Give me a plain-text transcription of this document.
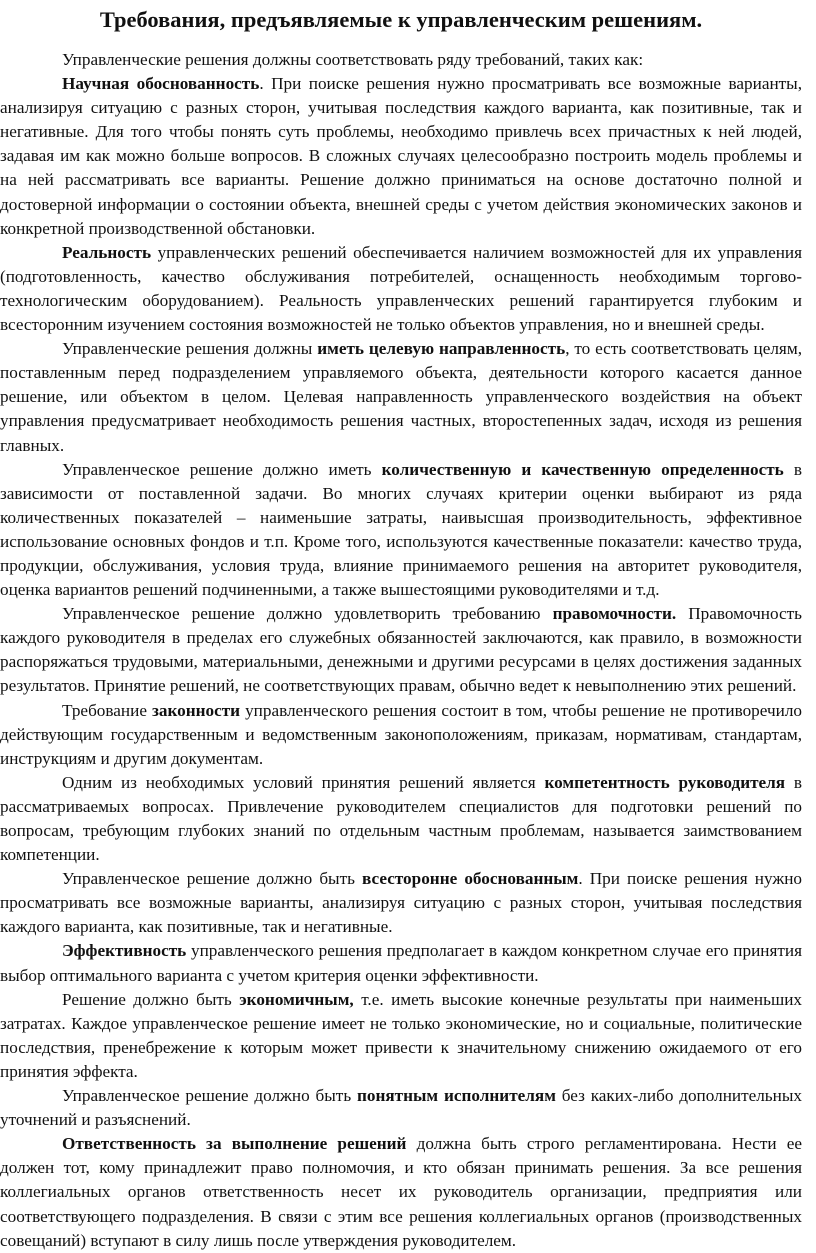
Требования, предъявляемые к управленческим решениям.

Управленческие решения должны соответствовать ряду требований, таких как:

Научная обоснованность. При поиске решения нужно просматривать все возможные варианты, анализируя ситуацию с разных сторон, учитывая последствия каждого варианта, как позитивные, так и негативные. Для того чтобы понять суть проблемы, необходимо привлечь всех причастных к ней людей, задавая им как можно больше вопросов. В сложных случаях целесообразно построить модель проблемы и на ней рассматривать все варианты. Решение должно приниматься на основе достаточно полной и достоверной информации о состоянии объекта, внешней среды с учетом действия экономических законов и конкретной производственной обстановки.

Реальность управленческих решений обеспечивается наличием возможностей для их управления (подготовленность, качество обслуживания потребителей, оснащенность необходимым торгово-технологическим оборудованием). Реальность управленческих решений гарантируется глубоким и всесторонним изучением состояния возможностей не только объектов управления, но и внешней среды.

Управленческие решения должны иметь целевую направленность, то есть соответствовать целям, поставленным перед подразделением управляемого объекта, деятельности которого касается данное решение, или объектом в целом. Целевая направленность управленческого воздействия на объект управления предусматривает необходимость решения частных, второстепенных задач, исходя из решения главных.

Управленческое решение должно иметь количественную и качественную определенность в зависимости от поставленной задачи. Во многих случаях критерии оценки выбирают из ряда количественных показателей – наименьшие затраты, наивысшая производительность, эффективное использование основных фондов и т.п. Кроме того, используются качественные показатели: качество труда, продукции, обслуживания, условия труда, влияние принимаемого решения на авторитет руководителя, оценка вариантов решений подчиненными, а также вышестоящими руководителями и т.д.

Управленческое решение должно удовлетворить требованию правомочности. Правомочность каждого руководителя в пределах его служебных обязанностей заключаются, как правило, в возможности распоряжаться трудовыми, материальными, денежными и другими ресурсами в целях достижения заданных результатов. Принятие решений, не соответствующих правам, обычно ведет к невыполнению этих решений.

Требование законности управленческого решения состоит в том, чтобы решение не противоречило действующим государственным и ведомственным законоположениям, приказам, нормативам, стандартам, инструкциям и другим документам.

Одним из необходимых условий принятия решений является компетентность руководителя в рассматриваемых вопросах. Привлечение руководителем специалистов для подготовки решений по вопросам, требующим глубоких знаний по отдельным частным проблемам, называется заимствованием компетенции.

Управленческое решение должно быть всесторонне обоснованным. При поиске решения нужно просматривать все возможные варианты, анализируя ситуацию с разных сторон, учитывая последствия каждого варианта, как позитивные, так и негативные.

Эффективность управленческого решения предполагает в каждом конкретном случае его принятия выбор оптимального варианта с учетом критерия оценки эффективности.

Решение должно быть экономичным, т.е. иметь высокие конечные результаты при наименьших затратах. Каждое управленческое решение имеет не только экономические, но и социальные, политические последствия, пренебрежение к которым может привести к значительному снижению ожидаемого от его принятия эффекта.

Управленческое решение должно быть понятным исполнителям без каких-либо дополнительных уточнений и разъяснений.

Ответственность за выполнение решений должна быть строго регламентирована. Нести ее должен тот, кому принадлежит право полномочия, и кто обязан принимать решения. За все решения коллегиальных органов ответственность несет их руководитель организации, предприятия или соответствующего подразделения. В связи с этим все решения коллегиальных органов (производственных совещаний) вступают в силу лишь после утверждения руководителем.
